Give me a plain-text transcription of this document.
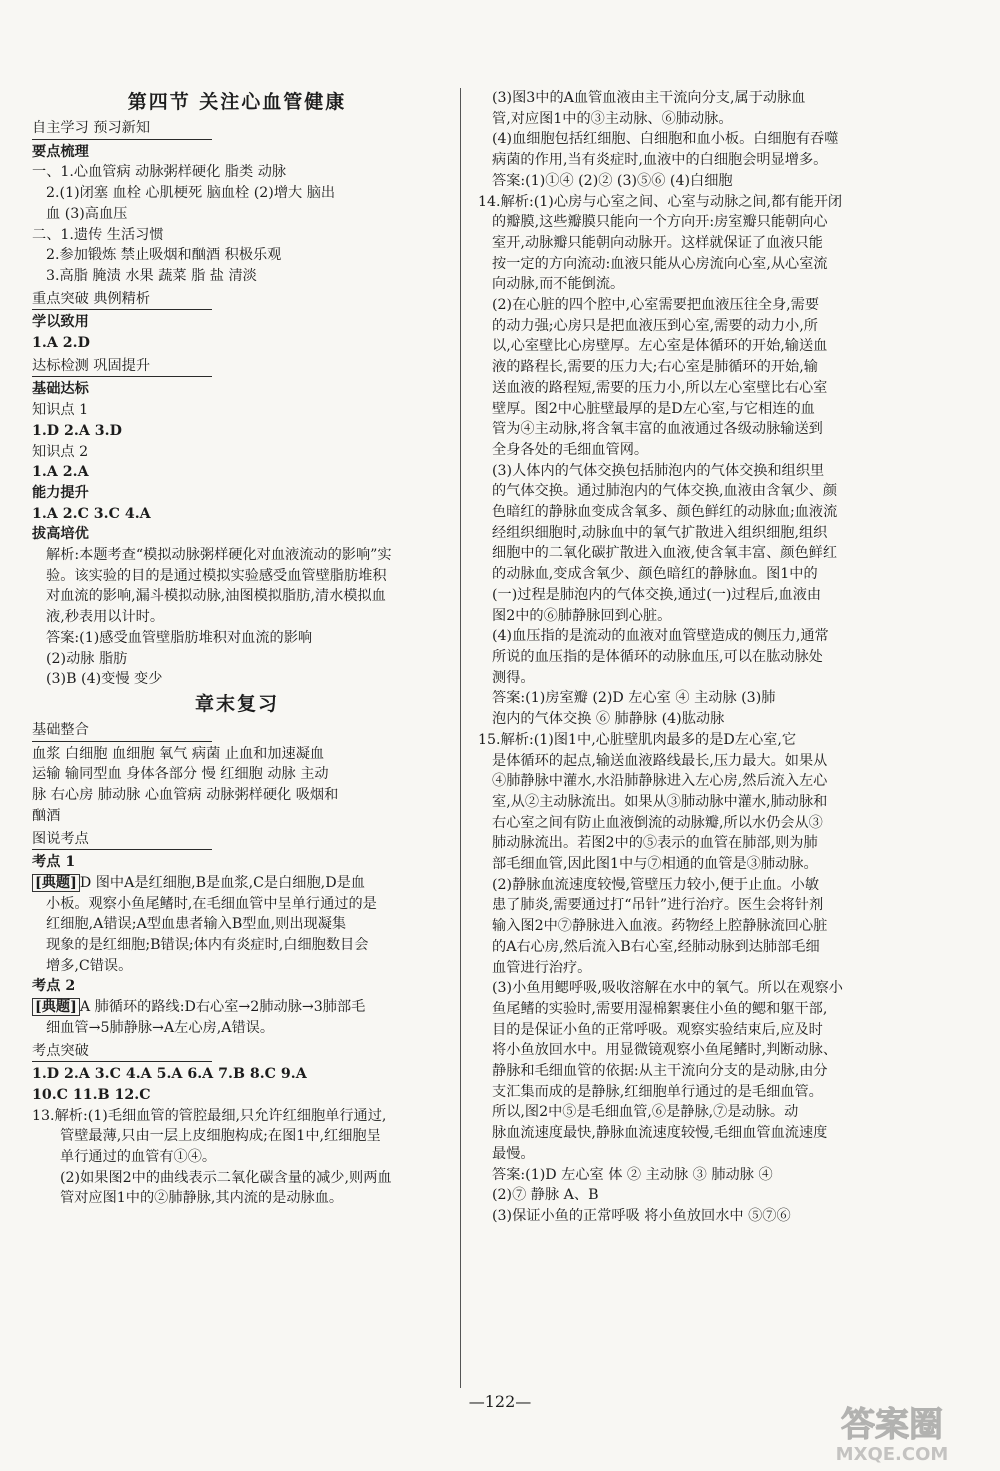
第四节 关注心血管健康
自主学习 预习新知
要点梳理
一、1.心血管病 动脉粥样硬化 脂类 动脉
2.(1)闭塞 血栓 心肌梗死 脑血栓 (2)增大 脑出
血 (3)高血压
二、1.遗传 生活习惯
2.参加锻炼 禁止吸烟和酗酒 积极乐观
3.高脂 腌渍 水果 蔬菜 脂 盐 清淡
重点突破 典例精析
学以致用
1.A 2.D
达标检测 巩固提升
基础达标
知识点 1
1.D 2.A 3.D
知识点 2
1.A 2.A
能力提升
1.A 2.C 3.C 4.A
拔高培优
解析:本题考查“模拟动脉粥样硬化对血液流动的影响”实
验。该实验的目的是通过模拟实验感受血管壁脂肪堆积
对血流的影响,漏斗模拟动脉,油图模拟脂肪,清水模拟血
液,秒表用以计时。
答案:(1)感受血管壁脂肪堆积对血流的影响
(2)动脉 脂肪
(3)B (4)变慢 变少
章末复习
基础整合
血浆 白细胞 血细胞 氧气 病菌 止血和加速凝血
运输 输同型血 身体各部分 慢 红细胞 动脉 主动
脉 右心房 肺动脉 心血管病 动脉粥样硬化 吸烟和
酗酒
图说考点
考点 1
[典题] D 图中A是红细胞,B是血浆,C是白细胞,D是血
小板。观察小鱼尾鳍时,在毛细血管中呈单行通过的是
红细胞,A错误;A型血患者输入B型血,则出现凝集
现象的是红细胞;B错误;体内有炎症时,白细胞数目会
增多,C错误。
考点 2
[典题] A 肺循环的路线:D右心室→2肺动脉→3肺部毛
细血管→5肺静脉→A左心房,A错误。
考点突破
1.D 2.A 3.C 4.A 5.A 6.A 7.B 8.C 9.A
10.C 11.B 12.C
13.解析:(1)毛细血管的管腔最细,只允许红细胞单行通过,
管壁最薄,只由一层上皮细胞构成;在图1中,红细胞呈
单行通过的血管有①④。
(2)如果图2中的曲线表示二氧化碳含量的减少,则两血
管对应图1中的②肺静脉,其内流的是动脉血。
(3)图3中的A血管血液由主干流向分支,属于动脉血
管,对应图1中的③主动脉、⑥肺动脉。
(4)血细胞包括红细胞、白细胞和血小板。白细胞有吞噬
病菌的作用,当有炎症时,血液中的白细胞会明显增多。
答案:(1)①④ (2)② (3)⑤⑥ (4)白细胞
14.解析:(1)心房与心室之间、心室与动脉之间,都有能开闭
的瓣膜,这些瓣膜只能向一个方向开:房室瓣只能朝向心
室开,动脉瓣只能朝向动脉开。这样就保证了血液只能
按一定的方向流动:血液只能从心房流向心室,从心室流
向动脉,而不能倒流。
(2)在心脏的四个腔中,心室需要把血液压往全身,需要
的动力强;心房只是把血液压到心室,需要的动力小,所
以,心室壁比心房壁厚。左心室是体循环的开始,输送血
液的路程长,需要的压力大;右心室是肺循环的开始,输
送血液的路程短,需要的压力小,所以左心室壁比右心室
壁厚。图2中心脏壁最厚的是D左心室,与它相连的血
管为④主动脉,将含氧丰富的血液通过各级动脉输送到
全身各处的毛细血管网。
(3)人体内的气体交换包括肺泡内的气体交换和组织里
的气体交换。通过肺泡内的气体交换,血液由含氧少、颜
色暗红的静脉血变成含氧多、颜色鲜红的动脉血;血液流
经组织细胞时,动脉血中的氧气扩散进入组织细胞,组织
细胞中的二氧化碳扩散进入血液,使含氧丰富、颜色鲜红
的动脉血,变成含氧少、颜色暗红的静脉血。图1中的
(一)过程是肺泡内的气体交换,通过(一)过程后,血液由
图2中的⑥肺静脉回到心脏。
(4)血压指的是流动的血液对血管壁造成的侧压力,通常
所说的血压指的是体循环的动脉血压,可以在肱动脉处
测得。
答案:(1)房室瓣 (2)D 左心室 ④ 主动脉 (3)肺
泡内的气体交换 ⑥ 肺静脉 (4)肱动脉
15.解析:(1)图1中,心脏壁肌肉最多的是D左心室,它
是体循环的起点,输送血液路线最长,压力最大。如果从
④肺静脉中灌水,水沿肺静脉进入左心房,然后流入左心
室,从②主动脉流出。如果从③肺动脉中灌水,肺动脉和
右心室之间有防止血液倒流的动脉瓣,所以水仍会从③
肺动脉流出。若图2中的⑤表示的血管在肺部,则为肺
部毛细血管,因此图1中与⑦相通的血管是③肺动脉。
(2)静脉血流速度较慢,管壁压力较小,便于止血。小敏
患了肺炎,需要通过打“吊针”进行治疗。医生会将针剂
输入图2中⑦静脉进入血液。药物经上腔静脉流回心脏
的A右心房,然后流入B右心室,经肺动脉到达肺部毛细
血管进行治疗。
(3)小鱼用鳃呼吸,吸收溶解在水中的氧气。所以在观察小
鱼尾鳍的实验时,需要用湿棉絮裹住小鱼的鳃和躯干部,
目的是保证小鱼的正常呼吸。观察实验结束后,应及时
将小鱼放回水中。用显微镜观察小鱼尾鳍时,判断动脉、
静脉和毛细血管的依据:从主干流向分支的是动脉,由分
支汇集而成的是静脉,红细胞单行通过的是毛细血管。
所以,图2中⑤是毛细血管,⑥是静脉,⑦是动脉。动
脉血流速度最快,静脉血流速度较慢,毛细血管血流速度
最慢。
答案:(1)D 左心室 体 ② 主动脉 ③ 肺动脉 ④
(2)⑦ 静脉 A、B
(3)保证小鱼的正常呼吸 将小鱼放回水中 ⑤⑦⑥
—122—
答案圈
MXQE.COM
